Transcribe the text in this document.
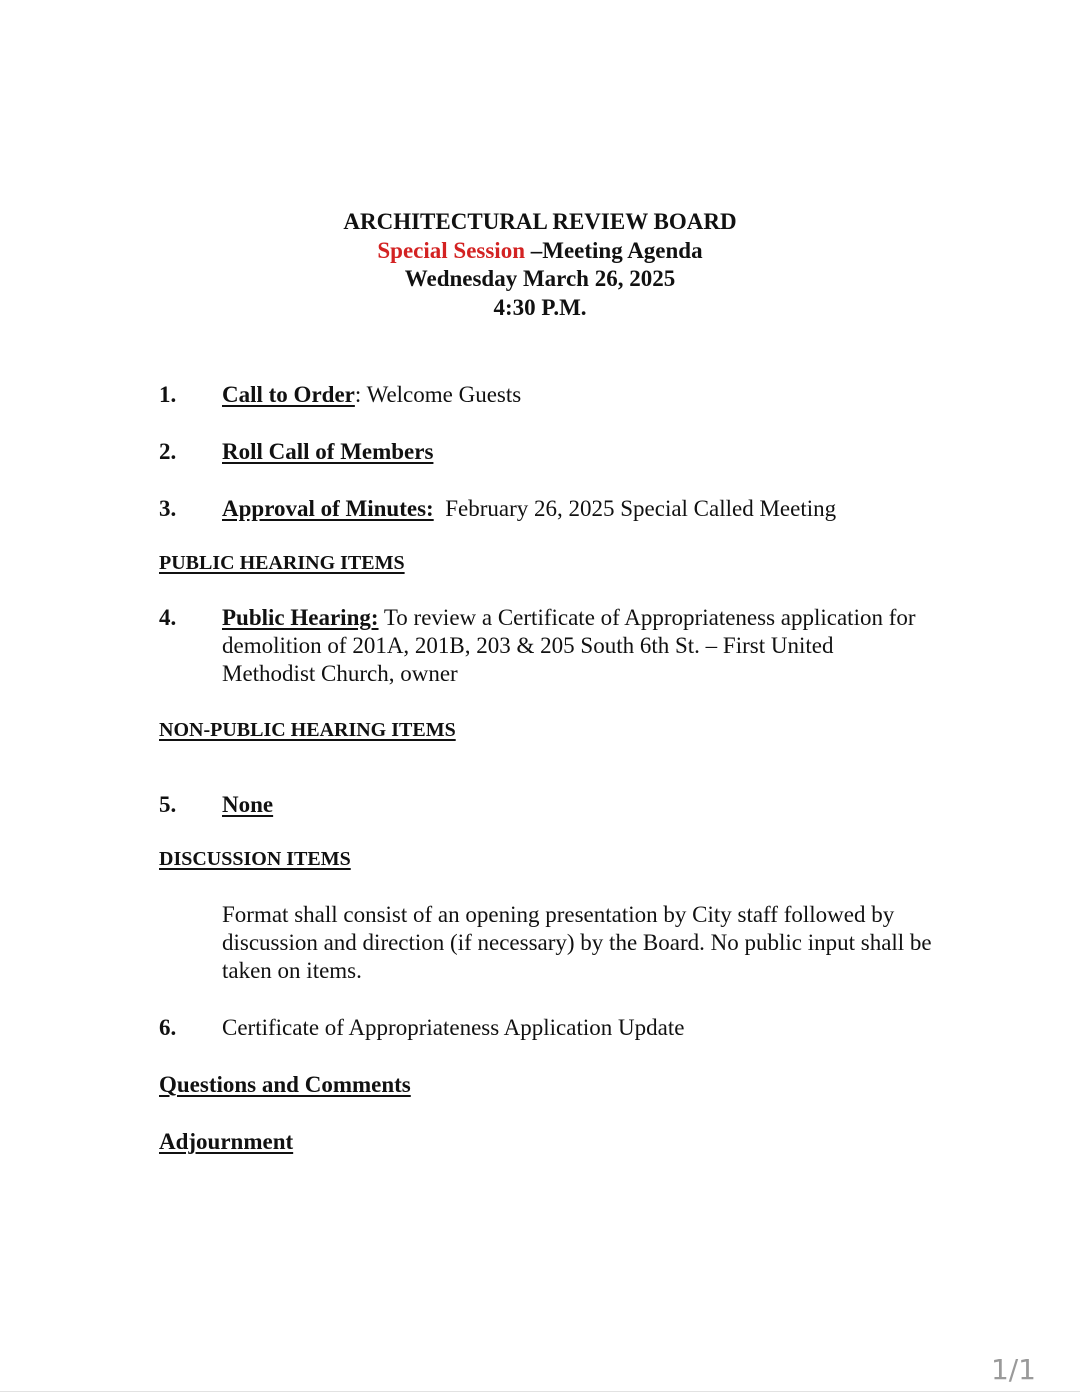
ARCHITECTURAL REVIEW BOARD
Special Session –Meeting Agenda
Wednesday March 26, 2025
4:30 P.M.
1.	Call to Order: Welcome Guests
2.	Roll Call of Members
3.	Approval of Minutes:  February 26, 2025 Special Called Meeting
PUBLIC HEARING ITEMS
4.	Public Hearing: To review a Certificate of Appropriateness application for demolition of 201A, 201B, 203 & 205 South 6th St. – First United Methodist Church, owner
NON-PUBLIC HEARING ITEMS
5.	None
DISCUSSION ITEMS
Format shall consist of an opening presentation by City staff followed by discussion and direction (if necessary) by the Board. No public input shall be taken on items.
6.	Certificate of Appropriateness Application Update
Questions and Comments
Adjournment
1/1
